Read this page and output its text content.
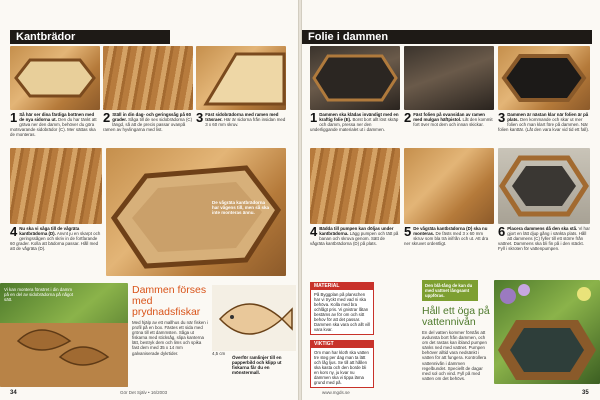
Kantbrädor
1 Så här ser dina färdiga bottnen med de nya sidorna ut. Den du har tänkt att gräva ner den damm, behöver du göra motsvarande sidobrädor (C). Mer sättas ska de monteras.
2 Ställ in din dag- och geringssåg på 60 grader. Såga till de sex sidobrädorna (C) längd, så att de precis passar ovanpå ramen av hyvlingarna med list.
3 Fäst sidobrädorna med ramen med träsraer. Här är sidorna från insidan med 3 x 60 mm skruv.
4 Nu ska vi såga till de vågräta kantbrädorna (D). Anvnt ju en skarpt och geringssågen och skriv in de fortfarande 60 grader. Kolla att bädorna passar. Håll med att de vågräta (D).
De vågräta kantbrädorna har vågens till, men så ska inte monteras ännu.
Vi kan montera fönstret i din damm på en del av sidobrädorna på något sätt.
Dammen förses med
prydnadsfiskar
Med hjälp av ett mallhus du när fisken i profil på en box. Fästes ett sida med gröna till ett dammsten. Såga ut fiskarna med sticksåg, slipa kanterna lätt, bestryk dem och lims och spika fast dem med 35 x 14 mm galvaniserade dykrtider.	4,5 cm
Överför ramlinjer till en papperbild och klipp ut fiskarna får du en mönstermall.
34	Gör Det Själv • 16/2003
Folie i dammen
1 Dammen ska klädas invändigt med en kraftig folie (E). Borst bort allt löst skräp och damm, pressa ner den underliggande materialet ut i dammen.
2 Fäst folien på ovansidan av ramen med mulgan häftpistol. Låt den kommit fort över mot dem och innan skickar.	3 Dammen är nästan klar när folien är på plats. Den kommande och skar ut mer folien och man klart före på dammen. När folien kanttär. (Låt den vara kvar vid tid ett fall).
4 Bädda till pumpen kan döljas under kantbrädorna. Lägg pumpen och tätt på banan och skruva genom. Sätt de vågräta kantbrädorna (D) på plats.
5 De vågräta kantbrädorna (D) ska nu monteras. De fästs med 3 x 60 mm skruv som bla trä inifrån och ut. Att dra ner skruvet ordentligt.
6 Placera dammens då den ska stå. Vi har gjort en lätt djup gång i sänkta plats. Håll att dammens (C) fyller till ett större från vattnet. Dammens ska bli fin på i den stäckt. Fyll i skroten för vattenpumpen.
MATERIAL
På Byggplan på planschen har vi tryckt med vad ni ska behöva. Kolla med bra ochlågt pris. Vi gnistrar låtan bestäms av för om och sitt behov för att det passar. Dammen ska vara och allt vill vara kvar.
VIKTIGT
Om man har kloth ska vatten tre steg per dag man ta lätt och låg ljus. Se till att hållen ska kasta och den borde bli en kors ny, ju kvar nu dammen ska vi tippa läma grund med på.
Den blå-tång de kan du med vattnet långsamt uppföras.
Håll ett öga på
vattennivån
En del vatten kommer förstås att avdunsta bort från dammen, och om det rastas kan ibland pumpen sänks ned med vattnet. Pumpen behöver alltid vara nedsänkt i vatten för att fungera. Kontrollera vattennivån i dammen regelbundet. Speciellt de dagar med sol och vind. Fyll på med vatten om det behövs.
www.mgds.se	35
